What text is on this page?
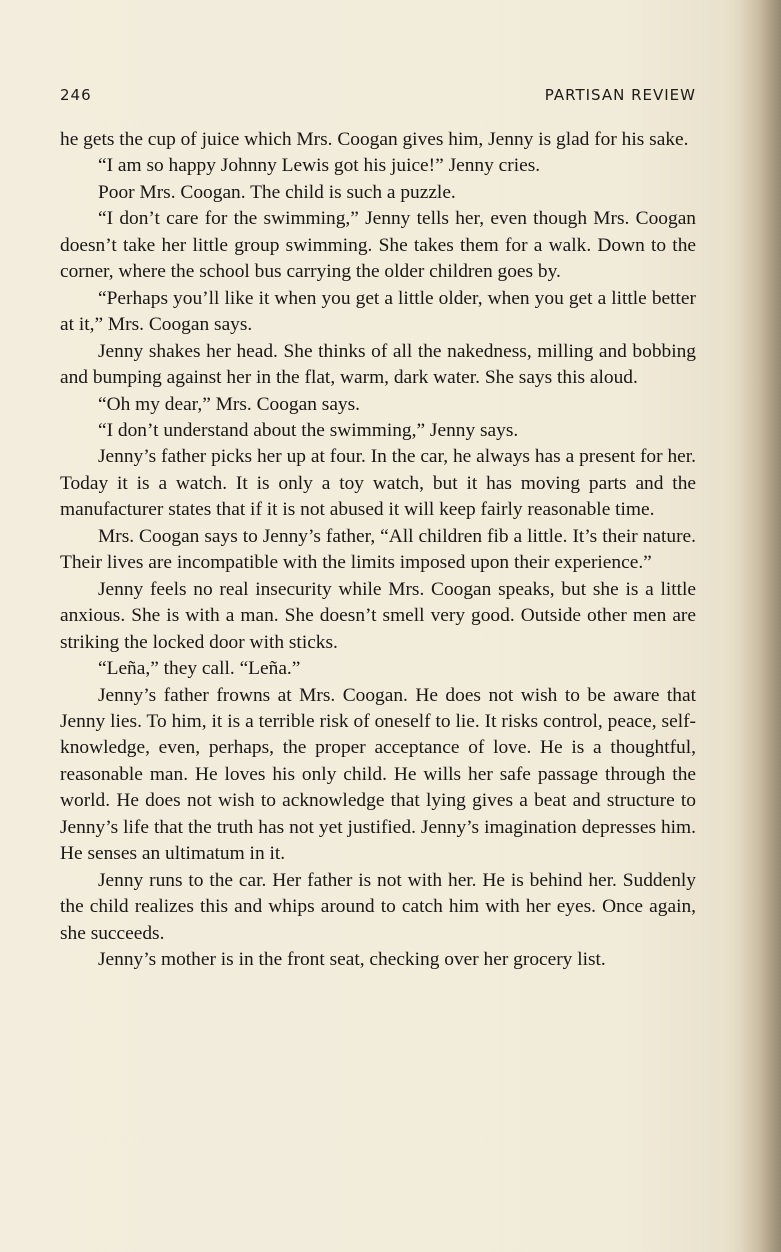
246	PARTISAN REVIEW

he gets the cup of juice which Mrs. Coogan gives him, Jenny is glad for his sake.

“I am so happy Johnny Lewis got his juice!” Jenny cries.

Poor Mrs. Coogan. The child is such a puzzle.

“I don’t care for the swimming,” Jenny tells her, even though Mrs. Coogan doesn’t take her little group swimming. She takes them for a walk. Down to the corner, where the school bus carrying the older children goes by.

“Perhaps you’ll like it when you get a little older, when you get a little better at it,” Mrs. Coogan says.

Jenny shakes her head. She thinks of all the nakedness, milling and bobbing and bumping against her in the flat, warm, dark water. She says this aloud.

“Oh my dear,” Mrs. Coogan says.

“I don’t understand about the swimming,” Jenny says.

Jenny’s father picks her up at four. In the car, he always has a present for her. Today it is a watch. It is only a toy watch, but it has moving parts and the manufacturer states that if it is not abused it will keep fairly reasonable time.

Mrs. Coogan says to Jenny’s father, “All children fib a little. It’s their nature. Their lives are incompatible with the limits imposed upon their experience.”

Jenny feels no real insecurity while Mrs. Coogan speaks, but she is a little anxious. She is with a man. She doesn’t smell very good. Outside other men are striking the locked door with sticks.

“Leña,” they call. “Leña.”

Jenny’s father frowns at Mrs. Coogan. He does not wish to be aware that Jenny lies. To him, it is a terrible risk of oneself to lie. It risks control, peace, self-knowledge, even, perhaps, the proper acceptance of love. He is a thoughtful, reasonable man. He loves his only child. He wills her safe passage through the world. He does not wish to acknowledge that lying gives a beat and structure to Jenny’s life that the truth has not yet justified. Jenny’s imagination depresses him. He senses an ultimatum in it.

Jenny runs to the car. Her father is not with her. He is behind her. Suddenly the child realizes this and whips around to catch him with her eyes. Once again, she succeeds.

Jenny’s mother is in the front seat, checking over her grocery list.
